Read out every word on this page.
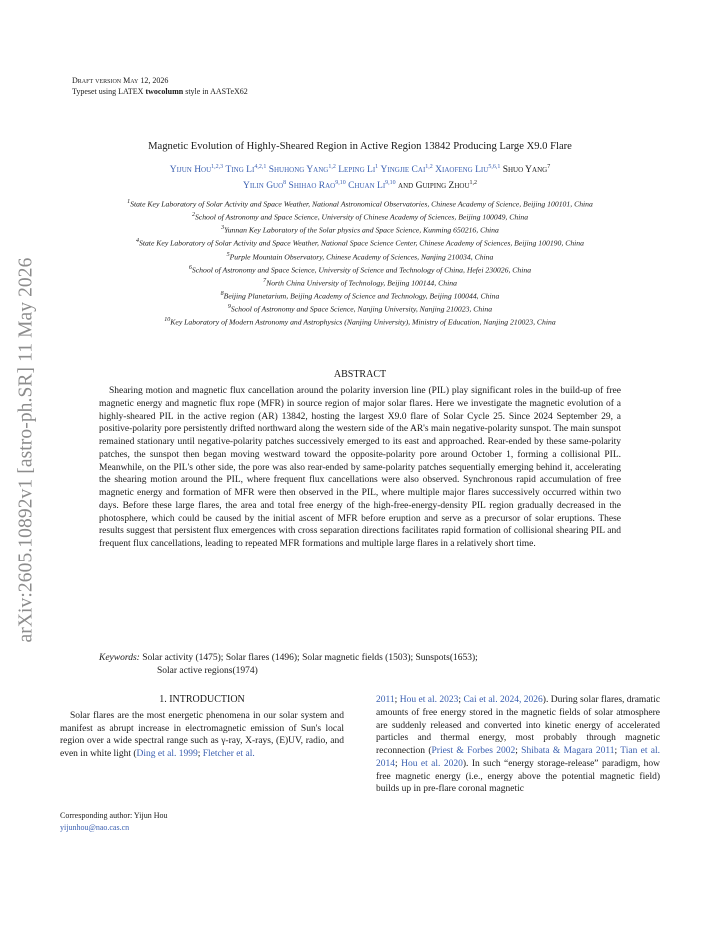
arXiv:2605.10892v1 [astro-ph.SR] 11 May 2026
Draft version May 12, 2026
Typeset using LATEX twocolumn style in AASTeX62
Magnetic Evolution of Highly-Sheared Region in Active Region 13842 Producing Large X9.0 Flare
Yijun Hou$^{1,2,3}$ Ting Li$^{4,2,1}$ Shuhong Yang$^{1,2}$ Leping Li$^1$ Yingjie Cai$^{1,2}$ Xiaofeng Liu$^{5,6,1}$ Shuo Yang$^7$
Yilin Guo$^8$ Shihao Rao$^{9,10}$ Chuan Li$^{9,10}$ and Guiping Zhou$^{1,2}$
$^1$State Key Laboratory of Solar Activity and Space Weather, National Astronomical Observatories, Chinese Academy of Science, Beijing 100101, China
$^2$School of Astronomy and Space Science, University of Chinese Academy of Sciences, Beijing 100049, China
$^3$Yunnan Key Laboratory of the Solar physics and Space Science, Kunming 650216, China
$^4$State Key Laboratory of Solar Activity and Space Weather, National Space Science Center, Chinese Academy of Sciences, Beijing 100190, China
$^5$Purple Mountain Observatory, Chinese Academy of Sciences, Nanjing 210034, China
$^6$School of Astronomy and Space Science, University of Science and Technology of China, Hefei 230026, China
$^7$North China University of Technology, Beijing 100144, China
$^8$Beijing Planetarium, Beijing Academy of Science and Technology, Beijing 100044, China
$^9$School of Astronomy and Space Science, Nanjing University, Nanjing 210023, China
$^{10}$Key Laboratory of Modern Astronomy and Astrophysics (Nanjing University), Ministry of Education, Nanjing 210023, China
ABSTRACT

Shearing motion and magnetic flux cancellation around the polarity inversion line (PIL) play significant roles in the build-up of free magnetic energy and magnetic flux rope (MFR) in source region of major solar flares. Here we investigate the magnetic evolution of a highly-sheared PIL in the active region (AR) 13842, hosting the largest X9.0 flare of Solar Cycle 25. Since 2024 September 29, a positive-polarity pore persistently drifted northward along the western side of the AR's main negative-polarity sunspot. The main sunspot remained stationary until negative-polarity patches successively emerged to its east and approached. Rear-ended by these same-polarity patches, the sunspot then began moving westward toward the opposite-polarity pore around October 1, forming a collisional PIL. Meanwhile, on the PIL's other side, the pore was also rear-ended by same-polarity patches sequentially emerging behind it, accelerating the shearing motion around the PIL, where frequent flux cancellations were also observed. Synchronous rapid accumulation of free magnetic energy and formation of MFR were then observed in the PIL, where multiple major flares successively occurred within two days. Before these large flares, the area and total free energy of the high-free-energy-density PIL region gradually decreased in the photosphere, which could be caused by the initial ascent of MFR before eruption and serve as a precursor of solar eruptions. These results suggest that persistent flux emergences with cross separation directions facilitates rapid formation of collisional shearing PIL and frequent flux cancellations, leading to repeated MFR formations and multiple large flares in a relatively short time.

Keywords: Solar activity (1475); Solar flares (1496); Solar magnetic fields (1503); Sunspots(1653);
Solar active regions(1974)
1. INTRODUCTION

Solar flares are the most energetic phenomena in our solar system and manifest as abrupt increase in electromagnetic emission of Sun's local region over a wide spectral range such as γ-ray, X-rays, (E)UV, radio, and even in white light (Ding et al. 1999; Fletcher et al.

2011; Hou et al. 2023; Cai et al. 2024, 2026). During solar flares, dramatic amounts of free energy stored in the magnetic fields of solar atmosphere are suddenly released and converted into kinetic energy of accelerated particles and thermal energy, most probably through magnetic reconnection (Priest & Forbes 2002; Shibata & Magara 2011; Tian et al. 2014; Hou et al. 2020). In such “energy storage-release” paradigm, how free magnetic energy (i.e., energy above the potential magnetic field) builds up in pre-flare coronal magnetic

Corresponding author: Yijun Hou
yijunhou@nao.cas.cn
